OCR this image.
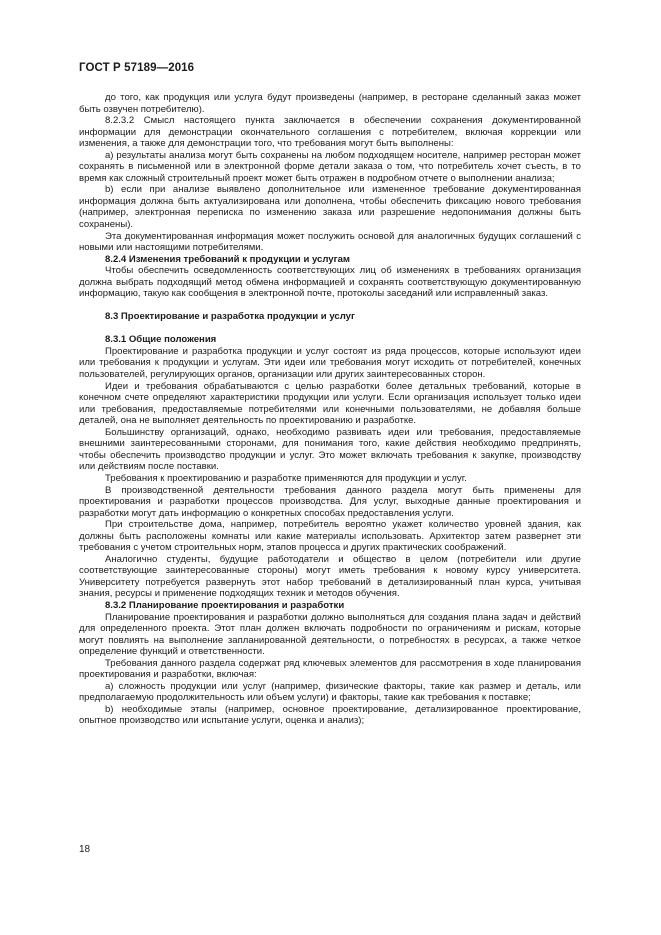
ГОСТ Р 57189—2016

до того, как продукция или услуга будут произведены (например, в ресторане сделанный заказ может быть озвучен потребителю).

8.2.3.2 Смысл настоящего пункта заключается в обеспечении сохранения документированной информации для демонстрации окончательного соглашения с потребителем, включая коррекции или изменения, а также для демонстрации того, что требования могут быть выполнены:

а) результаты анализа могут быть сохранены на любом подходящем носителе, например ресторан может сохранять в письменной или в электронной форме детали заказа о том, что потребитель хочет съесть, в то время как сложный строительный проект может быть отражен в подробном отчете о выполнении анализа;

b) если при анализе выявлено дополнительное или измененное требование документированная информация должна быть актуализирована или дополнена, чтобы обеспечить фиксацию нового требования (например, электронная переписка по изменению заказа или разрешение недопонимания должны быть сохранены).

Эта документированная информация может послужить основой для аналогичных будущих соглашений с новыми или настоящими потребителями.

8.2.4 Изменения требований к продукции и услугам

Чтобы обеспечить осведомленность соответствующих лиц об изменениях в требованиях организация должна выбрать подходящий метод обмена информацией и сохранять соответствующую документированную информацию, такую как сообщения в электронной почте, протоколы заседаний или исправленный заказ.

8.3 Проектирование и разработка продукции и услуг
8.3.1 Общие положения

Проектирование и разработка продукции и услуг состоят из ряда процессов, которые используют идеи или требования к продукции и услугам. Эти идеи или требования могут исходить от потребителей, конечных пользователей, регулирующих органов, организации или других заинтересованных сторон.

Идеи и требования обрабатываются с целью разработки более детальных требований, которые в конечном счете определяют характеристики продукции или услуги. Если организация использует только идеи или требования, предоставляемые потребителями или конечными пользователями, не добавляя больше деталей, она не выполняет деятельность по проектированию и разработке.

Большинству организаций, однако, необходимо развивать идеи или требования, предоставляемые внешними заинтересованными сторонами, для понимания того, какие действия необходимо предпринять, чтобы обеспечить производство продукции и услуг. Это может включать требования к закупке, производству или действиям после поставки.

Требования к проектированию и разработке применяются для продукции и услуг.

В производственной деятельности требования данного раздела могут быть применены для проектирования и разработки процессов производства. Для услуг, выходные данные проектирования и разработки могут дать информацию о конкретных способах предоставления услуги.

При строительстве дома, например, потребитель вероятно укажет количество уровней здания, как должны быть расположены комнаты или какие материалы использовать. Архитектор затем развернет эти требования с учетом строительных норм, этапов процесса и других практических соображений.

Аналогично студенты, будущие работодатели и общество в целом (потребители или другие соответствующие заинтересованные стороны) могут иметь требования к новому курсу университета. Университету потребуется развернуть этот набор требований в детализированный план курса, учитывая знания, ресурсы и применение подходящих техник и методов обучения.

8.3.2 Планирование проектирования и разработки

Планирование проектирования и разработки должно выполняться для создания плана задач и действий для определенного проекта. Этот план должен включать подробности по ограничениям и рискам, которые могут повлиять на выполнение запланированной деятельности, о потребностях в ресурсах, а также четкое определение функций и ответственности.

Требования данного раздела содержат ряд ключевых элементов для рассмотрения в ходе планирования проектирования и разработки, включая:

а) сложность продукции или услуг (например, физические факторы, такие как размер и деталь, или предполагаемую продолжительность или объем услуги) и факторы, такие как требования к поставке;

b) необходимые этапы (например, основное проектирование, детализированное проектирование, опытное производство или испытание услуги, оценка и анализ);

18
